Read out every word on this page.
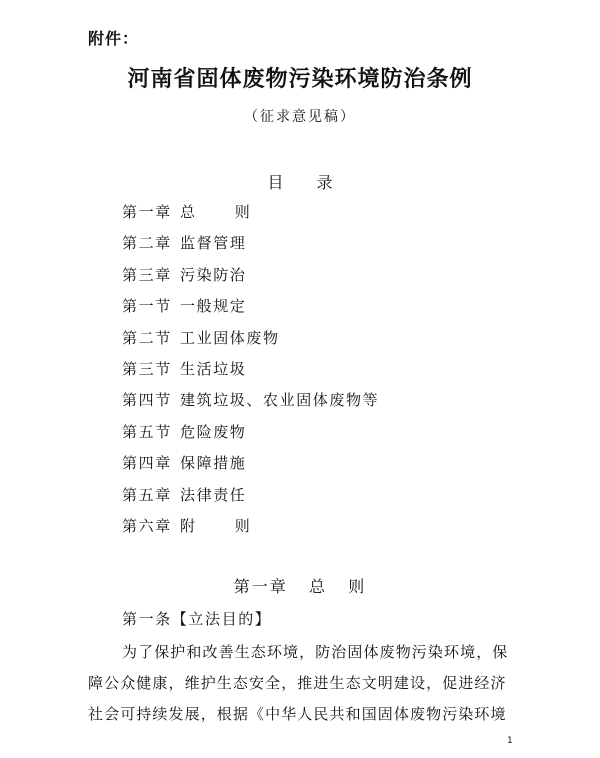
附件：
河南省固体废物污染环境防治条例
（征求意见稿）
目 录
第一章 总      则
第二章 监督管理
第三章 污染防治
第一节 一般规定
第二节 工业固体废物
第三节 生活垃圾
第四节 建筑垃圾、农业固体废物等
第五节 危险废物
第四章 保障措施
第五章 法律责任
第六章 附      则
第一章   总   则
第一条【立法目的】

为了保护和改善生态环境，防治固体废物污染环境，保障公众健康，维护生态安全，推进生态文明建设，促进经济社会可持续发展，根据《中华人民共和国固体废物污染环境

1
